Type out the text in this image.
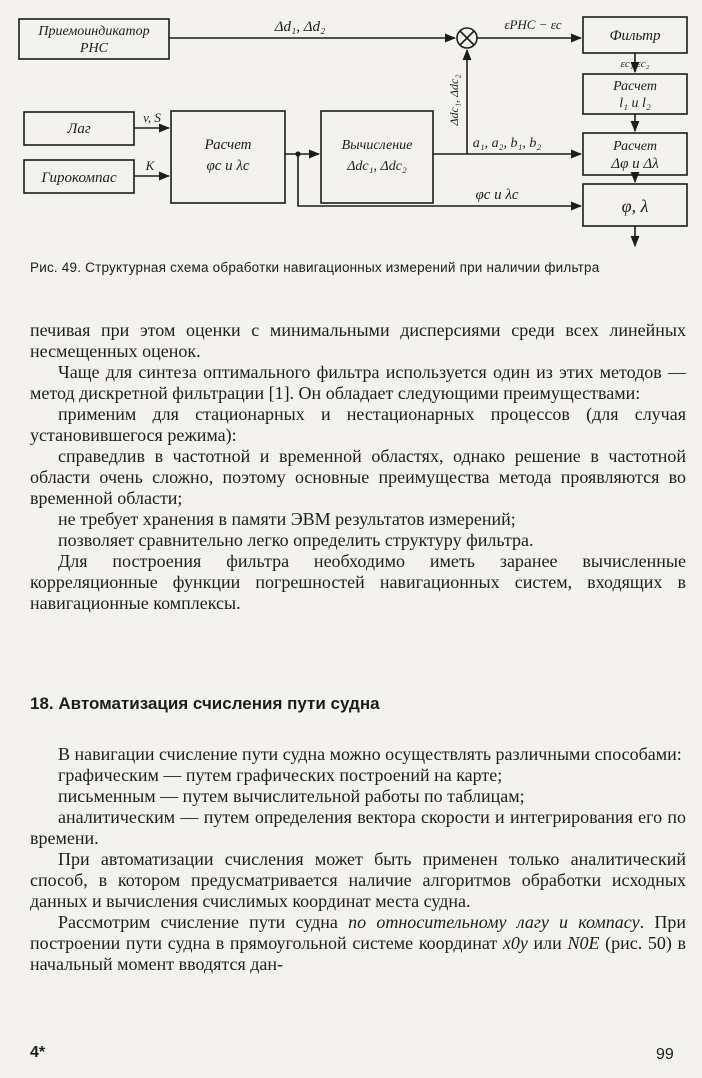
Приемоиндикатор
РНС
Фильтр
Расчет
l₁ и l₂
Лаг
Гирокомпас
Расчет
φc и λc
Вычисление
Δdc₁, Δdc₂
Расчет
Δφ и Δλ
φ, λ
Δd₁, Δd₂	εРНС − εс
εc₁ εc₂
v, S
K
a₁, a₂, b₁, b₂
φc и λc
Δdc₁, Δdc₂
Рис. 49. Структурная схема обработки навигационных измерений при наличии фильтра

печивая при этом оценки с минимальными дисперсиями среди всех линейных несмещенных оценок.

Чаще для синтеза оптимального фильтра используется один из этих методов — метод дискретной фильтрации [1]. Он обладает следующими преимуществами:

применим для стационарных и нестационарных процессов (для случая установившегося режима):

справедлив в частотной и временной областях, однако решение в частотной области очень сложно, поэтому основные преимущества метода проявляются во временной области;

не требует хранения в памяти ЭВМ результатов измерений;

позволяет сравнительно легко определить структуру фильтра.

Для построения фильтра необходимо иметь заранее вычисленные корреляционные функции погрешностей навигационных систем, входящих в навигационные комплексы.

18. Автоматизация счисления пути судна

В навигации счисление пути судна можно осуществлять различными способами:

графическим — путем графических построений на карте;

письменным — путем вычислительной работы по таблицам;

аналитическим — путем определения вектора скорости и интегрирования его по времени.

При автоматизации счисления может быть применен только аналитический способ, в котором предусматривается наличие алгоритмов обработки исходных данных и вычисления счислимых координат места судна.

Рассмотрим счисление пути судна по относительному лагу и компасу. При построении пути судна в прямоугольной системе координат x0y или N0E (рис. 50) в начальный момент вводятся дан-

4*	99
